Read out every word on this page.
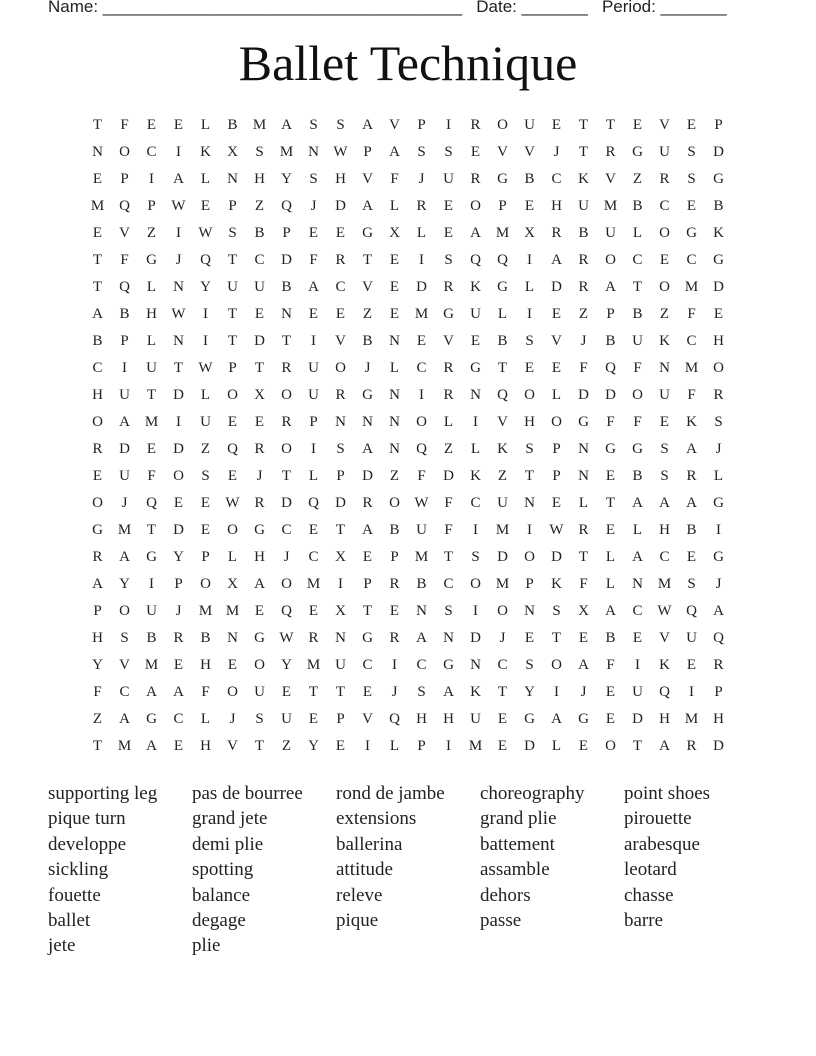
Name: ______________________________________ Date: _______ Period: _______
Ballet Technique
T	F	E	E	L	B	M A	S	S	A	V	P	I	R	O	U	E	T	T	E	V	E	P
N	O	C	I	K	X	S	M N W	P	A	S	S	E	V	V	J	T	R	G	U	S	D
E	P	I	A	L	N	H	Y	S	H	V	F	J	U	R	G	B	C	K	V	Z	R	S	G
M Q	P	W	E	P	Z	Q	J	D	A	L	R	E	O	P	E	H	U M	B	C	E	B
E	V	Z	I	W	S	B	P	E	E	G	X	L	E	A M X	R	B	U	L	O	G	K
T	F	G	J	Q	T	C	D	F	R	T	E	I	S	Q	Q	I	A	R	O	C	E	C	G
T	Q	L	N	Y	U	U	B	A	C	V	E	D	R	K	G	L	D	R	A	T	O M D
A	B	H W	I	T	E	N	E	E	Z	E	M G	U	L	I	E	Z	P	B	Z	F	E
B	P	L	N	I	T	D	T	I	V	B	N	E	V	E	B	S	V	J	B	U	K	C	H
C	I	U	T	W	P	T	R	U	O	J	L	C	R	G	T	E	E	F	Q	F	N M O
H	U	T	D	L	O	X	O	U	R	G	N	I	R	N	Q	O	L	D	D	O	U	F	R
O	A M	I	U	E	E	R	P	N	N	N	O	L	I	V	H	O	G	F	F	E	K	S
R	D	E	D	Z	Q	R	O	I	S	A	N	Q	Z	L	K	S	P	N	G	G	S	A	J
E	U	F	O	S	E	J	T	L	P	D	Z	F	D	K	Z	T	P	N	E	B	S	R	L
O	J	Q	E	E	W R	D	Q	D	R	O W	F	C	U	N	E	L	T	A	A	A	G
G M	T	D	E	O	G	C	E	T	A	B	U	F	I	M	I	W R	E	L	H	B	I
R	A	G	Y	P	L	H	J	C	X	E	P	M	T	S	D	O	D	T	L	A	C	E	G
A	Y	I	P	O	X	A	O M	I	P	R	B	C	O M	P	K	F	L	N M	S	J
P	O	U	J	M M	E	Q	E	X	T	E	N	S	I	O	N	S	X	A	C W Q	A
H	S	B	R	B	N	G W R	N	G	R	A	N	D	J	E	T	E	B	E	V	U	Q
Y	V M	E	H	E	O	Y M U	C	I	C	G	N	C	S	O	A	F	I	K	E	R
F	C	A	A	F	O	U	E	T	T	E	J	S	A	K	T	Y	I	J	E	U	Q	I	P
Z	A	G	C	L	J	S	U	E	P	V	Q	H	H	U	E	G	A	G	E	D	H M H
T	M A	E	H	V	T	Z	Y	E	I	L	P	I	M	E	D	L	E	O	T	A	R	D
supporting leg	pas de bourree	rond de jambe	choreography	point shoes
pique turn	grand jete	extensions	grand plie	pirouette
developpe	demi plie	ballerina	battement	arabesque
sickling	spotting	attitude	assamble	leotard
fouette	balance	releve	dehors	chasse
ballet	degage	pique	passe	barre
jete	plie
